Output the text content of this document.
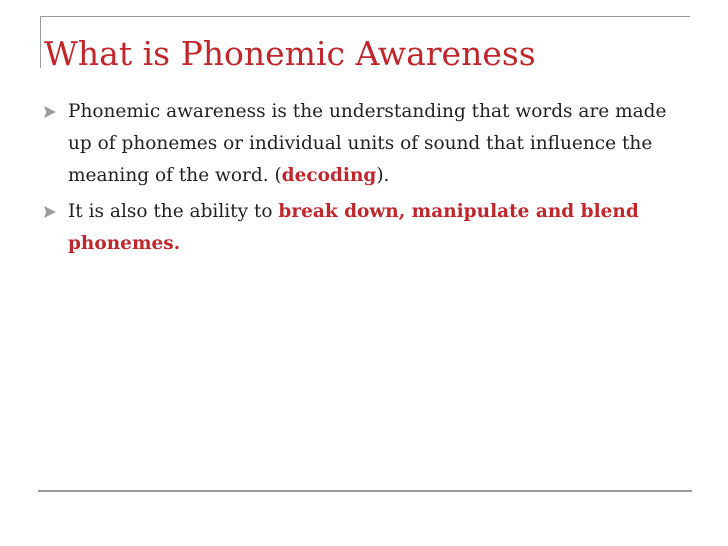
What is Phonemic Awareness
Phonemic awareness is the understanding that words are made up of phonemes or individual units of sound that influence the meaning of the word. (decoding).
It is also the ability to break down, manipulate and blend phonemes.
